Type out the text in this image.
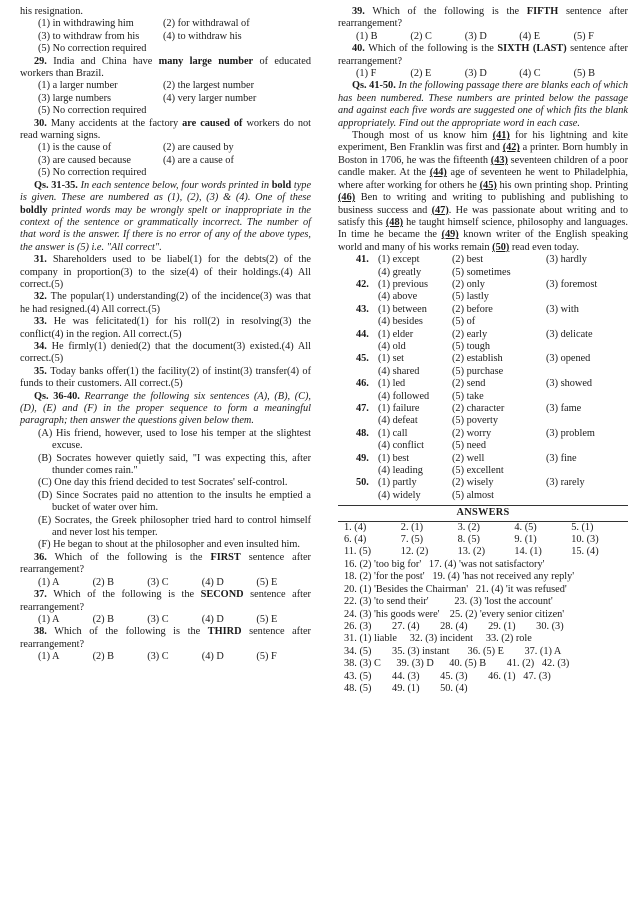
his resignation.

(1) in withdrawing him	(2) for withdrawal of
(3) to withdraw from his	(4) to withdraw his
(5) No correction required

29. India and China have many large number of educated workers than Brazil.

(1) a larger number	(2) the largest number
(3) large numbers	(4) very larger number
(5) No correction required

30. Many accidents at the factory are caused of workers do not read warning signs.

(1) is the cause of	(2) are caused by
(3) are caused because	(4) are a cause of
(5) No correction required

Qs. 31-35. In each sentence below, four words printed in bold type is given. These are numbered as (1), (2), (3) & (4). One of these boldly printed words may be wrongly spelt or inappropriate in the context of the sentence or grammatically incorrect. The number of that word is the answer. If there is no error of any of the above types, the answer is (5) i.e. "All correct".

31. Shareholders used to be liabel(1) for the debts(2) of the company in proportion(3) to the size(4) of their holdings.(4) All correct.(5)

32. The popular(1) understanding(2) of the incidence(3) was that he had resigned.(4) All correct.(5)

33. He was felicitated(1) for his roll(2) in resolving(3) the conflict(4) in the region. All correct.(5)

34. He firmly(1) denied(2) that the document(3) existed.(4) All correct.(5)

35. Today banks offer(1) the facility(2) of instint(3) transfer(4) of funds to their customers. All correct.(5)

Qs. 36-40. Rearrange the following six sentences (A), (B), (C), (D), (E) and (F) in the proper sequence to form a meaningful paragraph; then answer the questions given below them.

(A) His friend, however, used to lose his temper at the slightest excuse.

(B) Socrates however quietly said, "I was expecting this, after thunder comes rain."

(C) One day this friend decided to test Socrates' self-control.

(D) Since Socrates paid no attention to the insults he emptied a bucket of water over him.

(E) Socrates, the Greek philosopher tried hard to control himself and never lost his temper.

(F) He began to shout at the philosopher and even insulted him.

36. Which of the following is the FIRST sentence after rearrangement?

(1) A	(2) B	(3) C	(4) D	(5) E

37. Which of the following is the SECOND sentence after rearrangement?

(1) A	(2) B	(3) C	(4) D	(5) E

38. Which of the following is the THIRD sentence after rearrangement?

(1) A	(2) B	(3) C	(4) D	(5) F

39. Which of the following is the FIFTH sentence after rearrangement?

(1) B	(2) C	(3) D	(4) E	(5) F

40. Which of the following is the SIXTH (LAST) sentence after rearrangement?

(1) F	(2) E	(3) D	(4) C	(5) B

Qs. 41-50. In the following passage there are blanks each of which has been numbered. These numbers are printed below the passage and against each five words are suggested one of which fits the blank appropriately. Find out the appropriate word in each case.

Though most of us know him (41) for his lightning and kite experiment, Ben Franklin was first and (42) a printer. Born humbly in Boston in 1706, he was the fifteenth (43) seventeen children of a poor candle maker. At the (44) age of seventeen he went to Philadelphia, where after working for others he (45) his own printing shop. Printing (46) Ben to writing and writing to publishing and publishing to business success and (47). He was passionate about writing and to satisfy this (48) he taught himself science, philosophy and languages. In time he became the (49) known writer of the English speaking world and many of his works remain (50) read even today.

41. (1) except	(2) best	(3) hardly
(4) greatly	(5) sometimes
42. (1) previous	(2) only	(3) foremost
(4) above	(5) lastly
43. (1) between	(2) before	(3) with
(4) besides	(5) of
44. (1) elder	(2) early	(3) delicate
(4) old	(5) tough
45. (1) set	(2) establish	(3) opened
(4) shared	(5) purchase
46. (1) led	(2) send	(3) showed
(4) followed	(5) take
47. (1) failure	(2) character	(3) fame
(4) defeat	(5) poverty
48. (1) call	(2) worry	(3) problem
(4) conflict	(5) need
49. (1) best	(2) well	(3) fine
(4) leading	(5) excellent
50. (1) partly	(2) wisely	(3) rarely
(4) widely	(5) almost
ANSWERS
1. (4)	2. (1)	3. (2)	4. (5)	5. (1)
6. (4)	7. (5)	8. (5)	9. (1)	10. (3)
11. (5)	12. (2)	13. (2)	14. (1)	15. (4)
16. (2) 'too big for'   17. (4) 'was not satisfactory'
18. (2) 'for the post'   19. (4) 'has not received any reply'
20. (1) 'Besides the Chairman'   21. (4) 'it was refused'
22. (3) 'to send their'          23. (3) 'lost the account'
24. (3) 'his goods were'    25. (2) 'every senior citizen'
26. (3)        27. (4)        28. (4)        29. (1)        30. (3)
31. (1) liable     32. (3) incident     33. (2) role
34. (5)        35. (3) instant       36. (5) E        37. (1) A
38. (3) C      39. (3) D      40. (5) B        41. (2)   42. (3)
43. (5)        44. (3)        45. (3)        46. (1)   47. (3)
48. (5)        49. (1)        50. (4)
